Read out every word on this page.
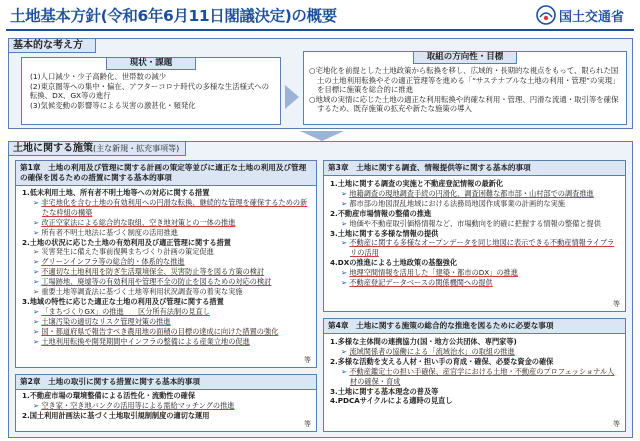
土地基本方針(令和6年6月11日閣議決定)の概要	国土交通省
基本的な考え方
現状・課題
(1)人口減少・少子高齢化、世帯数の減少
(2)東京圏等への集中・偏在、アフターコロナ時代の多様な生活様式への転換、DX、GX等の進行
(3)気候変動の影響等による災害の激甚化・頻発化
取組の方向性・目標
○宅地化を前提とした土地政策から転換を移し、広域的・長期的な視点をもって、限られた国土の土地利用転換やその適正管理等を進める「“サステナブルな土地の利用・管理”の実現」を目標に施策を総合的に推進
○地域の実情に応じた土地の適正な利用転換や的確な利用・管理、円滑な流通・取引等を確保するため、既存施策の拡充や新たな施策の導入
土地に関する施策(主な新規・拡充事項等)
第1章　土地の利用及び管理に関する計画の策定等並びに適正な土地の利用及び管理の確保を図るための措置に関する基本的事項
1.低未利用土地、所有者不明土地等への対応に関する措置
➢ 非宅地化を含む土地の有効利用への円滑な転換、継続的な管理を確保するための新たな枠組の構築
➢ 改正空家法による総合的な取組、空き地対策との一体の推進
➢ 所有者不明土地法に基づく制度の活用推進
2.土地の状況に応じた土地の有効利用及び適正管理に関する措置
➢ 災害発生に備えた事前復興まちづくり計画の策定促進
➢ グリーンインフラ等の総合的・体系的な推進
➢ 不適切な土地利用を防ぎ生活環境保全、災害防止等を図る方策の検討
➢ 工場跡地、廃墟等の有効利用や管理不全の防止を図るための対応の検討
➢ 重要土地等調査法に基づく土地等利用状況調査等の着実な実施
3.地域の特性に応じた適正な土地の利用及び管理に関する措置
➢ 「まちづくりGX」の推進　　区分所有法制の見直し
➢ 土壌汚染の適切なリスク管理対策の推進
➢ 国・都道府県で報告すべき農用地の面積の目標の達成に向けた措置の強化
➢ 土地利用転換や開発期間中インフラの整備による産業立地の促進
等
第2章　土地の取引に関する措置に関する基本的事項
1.不動産市場の環境整備による活性化・流動性の確保
➢ 空き家・空き地バンクの活用等による需給マッチングの推進
2.国土利用計画法に基づく土地取引規制制度の適切な運用
等
第3章　土地に関する調査、情報提供等に関する基本的事項
1.土地に関する調査の実施と不動産登記情報の最新化
➢ 地籍調査の現地調査手続の円滑化、調査困難な都市部・山村部での調査推進
➢ 都市部の地図混乱地域における法務局地図作成事業の計画的な実施
2.不動産市場情報の整備の推進
➢ 地価や不動産取引価格情報など、市場動向を的確に把握する情報の整備と提供
3.土地に関する多様な情報の提供
➢ 不動産に関する多様なオープンデータを同じ地図に表示できる不動産情報ライブラリの活用
4.DXの推進による土地政策の基盤強化
➢ 地理空間情報を活用した「建築・都市のDX」の推進
➢ 不動産登記データベースの関係機関への提供
等
第4章　土地に関する施策の総合的な推進を図るために必要な事項
1.多様な主体間の連携協力(国・地方公共団体、専門家等)
➢ 流域関係者の協働による「流域治水」の取組の推進
2.多様な活動を支える人材・担い手の育成・確保、必要な資金の確保
➢ 不動産鑑定士の担い手確保、産官学における土地・不動産のプロフェッショナル人材の確保・育成
3.土地に関する基本理念の普及等
4.PDCAサイクルによる適時の見直し
等
